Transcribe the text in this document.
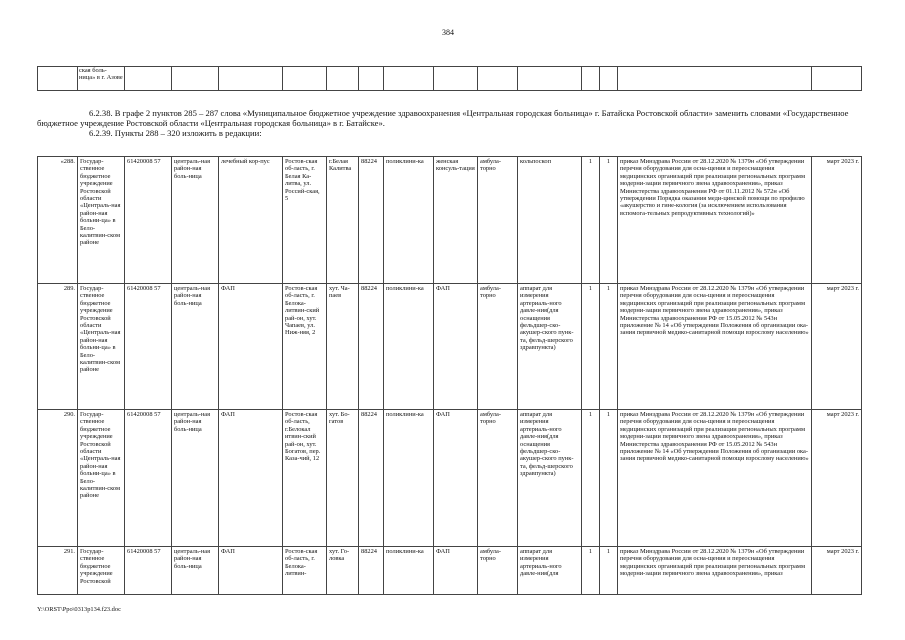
384
	ская боль-ница» в г. Азове														
6.2.38. В графе 2 пунктов 285 – 287 слова «Муниципальное бюджетное учреждение здравоохранения «Центральная городская больница» г. Батайска Ростовской области» заменить словами «Государственное бюджетное учреждение Ростовской области «Центральная городская больница» в г. Батайске».
6.2.39. Пункты 288 – 320 изложить в редакции:
«288.	Государ-ственное бюджетное учреждение Ростовской области «Централь-ная район-ная больни-ца» в Бело-калитвин-ском районе	61420008 57	централь-ная район-ная боль-ница	лечебный кор-пус	Ростов-ская об-ласть, г. Белая Ка-литва, ул. Россий-ская, 5	г.Белая Калитва	88224	поликлини-ка	женская консуль-тация	амбула-торно	кольпоскоп	1	1	приказ Минздрава России от 28.12.2020 № 1379н «Об утверждении перечня оборудования для осна-щения и переоснащения медицинских организаций при реализации региональных программ модерни-зации первичного звена здравоохранения», приказ Министерства здравоохранения РФ от 01.11.2012 № 572н «Об утверждении Порядка оказания меди-цинской помощи по профилю «акушерство и гине-кология (за исключением использования вспомога-тельных репродуктивных технологий)»	март 2023 г.
289.	Государ-ственное бюджетное учреждение Ростовской области «Централь-ная район-ная больни-ца» в Бело-калитвин-ском районе	61420008 57	централь-ная район-ная боль-ница	ФАП	Ростов-ская об-ласть, г. Белока-литвин-ский рай-он, хут. Чапаев, ул. Ниж-няя, 2	хут. Ча-паев	88224	поликлини-ка	ФАП	амбула-торно	аппарат для измерения артериаль-ного давле-ния(для оснащения фельдшер-ско-акушер-ского пунк-та, фельд-шерского здравпункта)	1	1	приказ Минздрава России от 28.12.2020 № 1379н «Об утверждении перечня оборудования для осна-щения и переоснащения медицинских организаций при реализации региональных программ модерни-зации первичного звена здравоохранения», приказ Министерства здравоохранения РФ от 15.05.2012 № 543н приложение № 14 «Об утверждении Положения об организации ока-зания первичной медико-санитарной помощи взрослому населению»	март 2023 г.
290.	Государ-ственное бюджетное учреждение Ростовской области «Централь-ная район-ная больни-ца» в Бело-калитвин-ском районе	61420008 57	централь-ная район-ная боль-ница	ФАП	Ростов-ская об-ласть, г.Белокал итвин-ский рай-он, хут. Богатов, пер. Каза-чий, 12	хут. Бо-гатов	88224	поликлини-ка	ФАП	амбула-торно	аппарат для измерения артериаль-ного давле-ния(для оснащения фельдшер-ско-акушер-ского пунк-та, фельд-шерского здравпункта)	1	1	приказ Минздрава России от 28.12.2020 № 1379н «Об утверждении перечня оборудования для осна-щения и переоснащения медицинских организаций при реализации региональных программ модерни-зации первичного звена здравоохранения», приказ Министерства здравоохранения РФ от 15.05.2012 № 543н приложение № 14 «Об утверждении Положения об организации ока-зания первичной медико-санитарной помощи взрослому населению»	март 2023 г.
291.	Государ-ственное бюджетное учреждение Ростовской	61420008 57	централь-ная район-ная боль-ница	ФАП	Ростов-ская об-ласть, г. Белока-литвин-	хут. Го-ловка	88224	поликлини-ка	ФАП	амбула-торно	аппарат для измерения артериаль-ного давле-ния(для	1	1	приказ Минздрава России от 28.12.2020 № 1379н «Об утверждении перечня оборудования для осна-щения и переоснащения медицинских организаций при реализации региональных программ модерни-зации первичного звена здравоохранения», приказ	март 2023 г.
Y:\ORST\Ppo\0313p134.f23.doc
